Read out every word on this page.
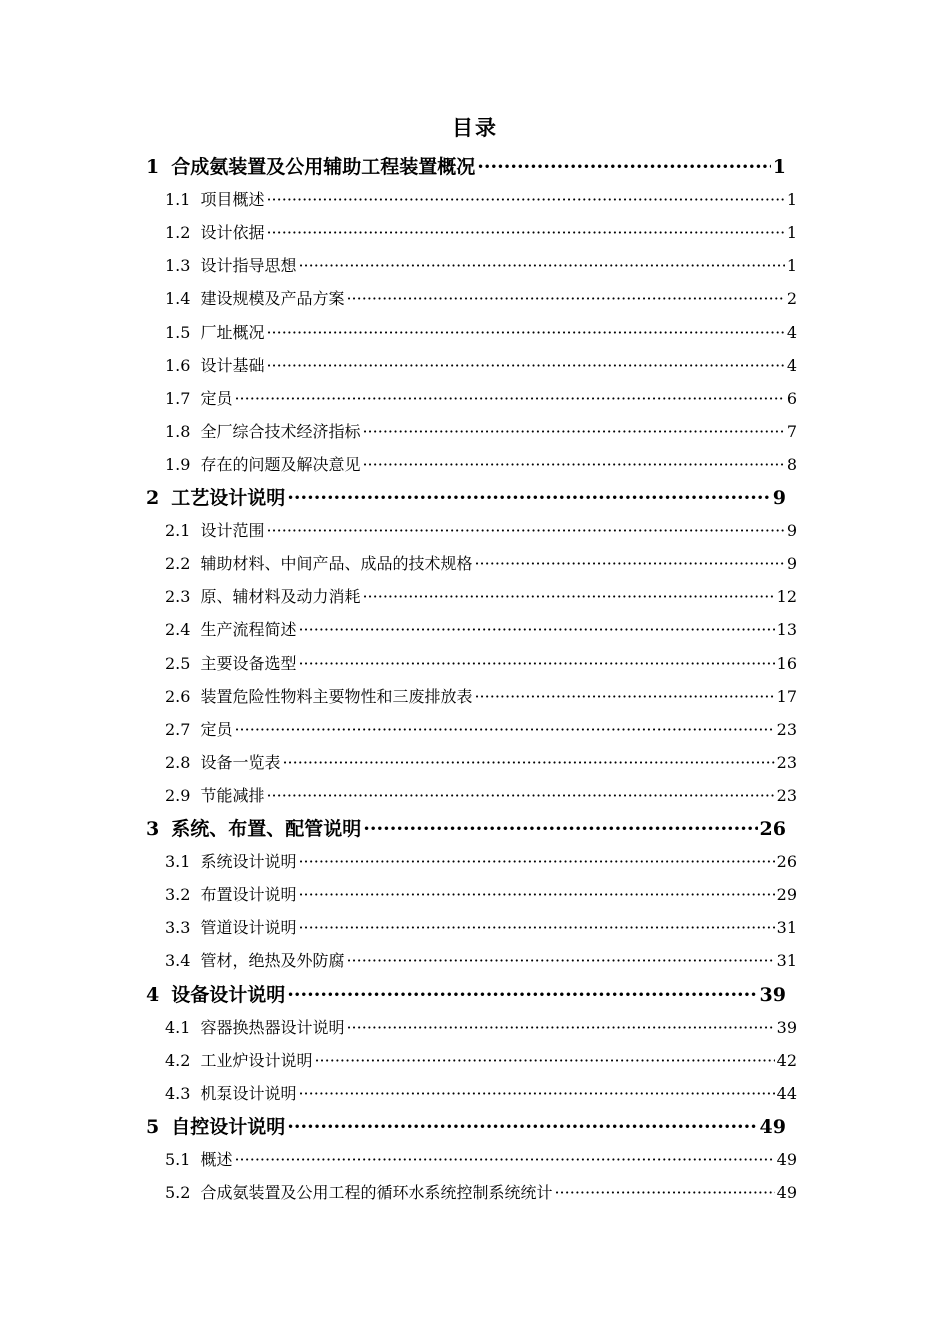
目录
1 合成氨装置及公用辅助工程装置概况 ·····	1
1.1 项目概述 ·····	1
1.2 设计依据 ·····	1
1.3 设计指导思想 ·····	1
1.4 建设规模及产品方案 ·····	2
1.5 厂址概况 ·····	4
1.6 设计基础 ·····	4
1.7 定员 ·····	6
1.8 全厂综合技术经济指标 ·····	7
1.9 存在的问题及解决意见 ·····	8
2 工艺设计说明 ·····	9
2.1 设计范围 ·····	9
2.2 辅助材料、中间产品、成品的技术规格 ·····	9
2.3 原、辅材料及动力消耗 ·····	12
2.4 生产流程简述 ·····	13
2.5 主要设备选型 ·····	16
2.6 装置危险性物料主要物性和三废排放表 ·····	17
2.7 定员 ·····	23
2.8 设备一览表 ·····	23
2.9 节能减排 ·····	23
3 系统、布置、配管说明 ·····	26
3.1 系统设计说明 ·····	26
3.2 布置设计说明 ·····	29
3.3 管道设计说明 ·····	31
3.4 管材，绝热及外防腐 ·····	31
4 设备设计说明 ·····	39
4.1 容器换热器设计说明 ·····	39
4.2 工业炉设计说明 ·····	42
4.3 机泵设计说明 ·····	44
5 自控设计说明 ·····	49
5.1 概述 ·····	49
5.2 合成氨装置及公用工程的循环水系统控制系统统计 ·····	49
